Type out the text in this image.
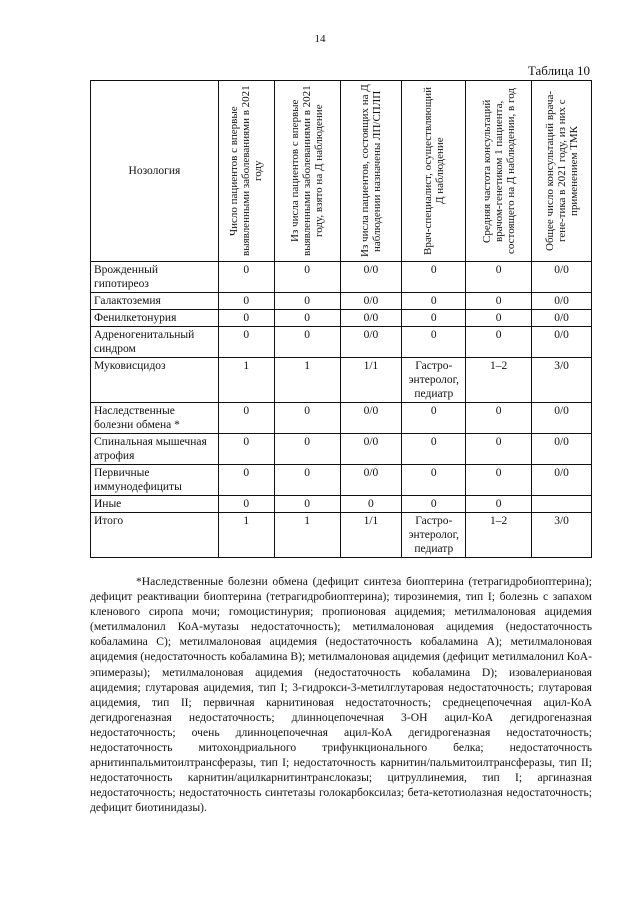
14
Таблица 10
Нозология	Число пациентов с впервые выявленными заболеваниями в 2021 году	Из числа пациентов с впервые выявленными заболеваниями в 2021 году, взято на Д наблюдение	Из числа пациентов, состоящих на Д наблюдении назначены ЛП/СПЛП	Врач-специалист, осуществляющий Д наблюдение	Средняя частота консультаций врачом-генетиком 1 пациента, состоящего на Д наблюдении, в год	Общее число консультаций врача-гене-тика в 2021 году, из них с применением ТМК

Врожденный гипотиреоз	0	0	0/0	0	0	0/0
Галактоземия	0	0	0/0	0	0	0/0
Фенилкетонурия	0	0	0/0	0	0	0/0
Адреногенитальный синдром	0	0	0/0	0	0	0/0
Муковисцидоз	1	1	1/1	Гастро-энтеролог, педиатр	1–2	3/0
Наследственные болезни обмена *	0	0	0/0	0	0	0/0
Спинальная мышечная атрофия	0	0	0/0	0	0	0/0
Первичные иммунодефициты	0	0	0/0	0	0	0/0
Иные	0	0	0	0	0	
Итого	1	1	1/1	Гастро-энтеролог, педиатр	1–2	3/0

*Наследственные болезни обмена (дефицит синтеза биоптерина (тетрагидробиоптерина); дефицит реактивации биоптерина (тетрагидробиоптерина); тирозинемия, тип I; болезнь с запахом кленового сиропа мочи; гомоцистинурия; пропионовая ацидемия; метилмалоновая ацидемия (метилмалонил КоА-мутазы недостаточность); метилмалоновая ацидемия (недостаточность кобаламина C); метилмалоновая ацидемия (недостаточность кобаламина A); метилмалоновая ацидемия (недостаточность кобаламина B); метилмалоновая ацидемия (дефицит метилмалонил КоА-эпимеразы); метилмалоновая ацидемия (недостаточность кобаламина D); изовалериановая ацидемия; глутаровая ацидемия, тип I; 3-гидрокси-3-метилглутаровая недостаточность; глутаровая ацидемия, тип II; первичная карнитиновая недостаточность; среднецепочечная ацил-КоА дегидрогеназная недостаточность; длинноцепочечная 3-OH ацил-КоА дегидрогеназная недостаточность; очень длинноцепочечная ацил-КоА дегидрогеназная недостаточность; недостаточность митохондриального трифункционального белка; недостаточность арнитинпальмитоилтрансферазы, тип I; недостаточность карнитин/пальмитоилтрансферазы, тип II; недостаточность карнитин/ацилкарнитинтранслоказы; цитруллинемия, тип I; аргиназная недостаточность; недостаточность синтетазы голокарбоксилаз; бета-кетотиолазная недостаточность; дефицит биотинидазы).
